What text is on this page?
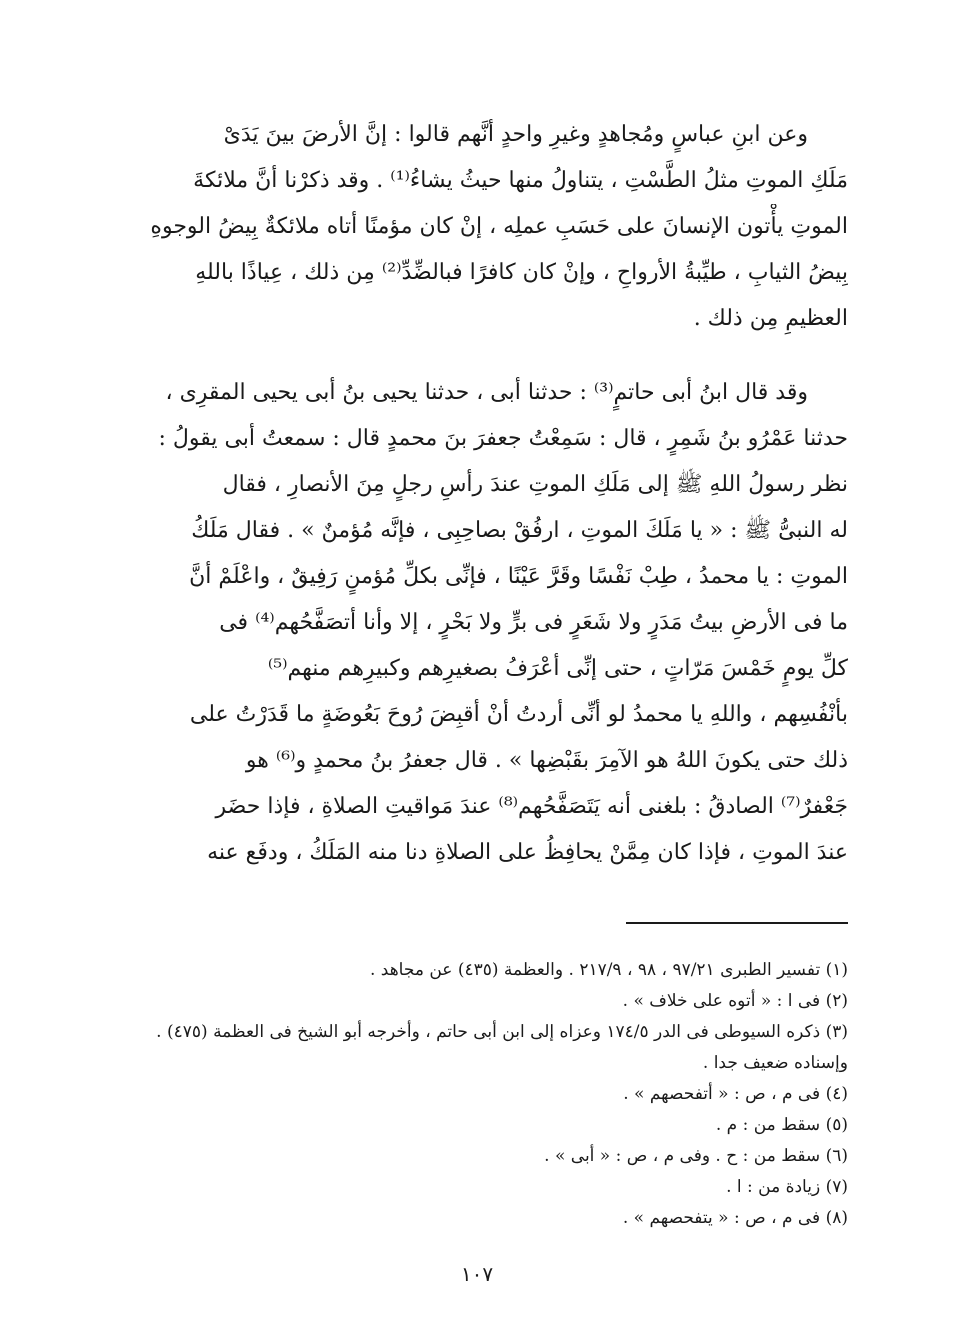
وعن ابنِ عباسٍ ومُجاهدٍ وغيرِ واحدٍ أنَّهم قالوا : إنَّ الأرضَ بينَ يَدَىْ
مَلَكِ الموتِ مثلُ الطَّسْتِ ، يتناولُ منها حيثُ يشاءُ⁽¹⁾ . وقد ذكرْنا أنَّ ملائكةَ
الموتِ يأْتون الإنسانَ على حَسَبِ عملِه ، إنْ كان مؤمنًا أتاه ملائكةٌ بِيضُ الوجوهِ
بِيضُ الثيابِ ، طيِّبةُ الأرواحِ ، وإنْ كان كافرًا فبالضِّدِّ⁽²⁾ مِن ذلك ، عِياذًا باللهِ
العظيمِ مِن ذلك .
وقد قال ابنُ أبى حاتمٍ⁽³⁾ : حدثنا أبى ، حدثنا يحيى بنُ أبى يحيى المقرِى ،
حدثنا عَمْرُو بنُ شَمِرٍ ، قال : سَمِعْتُ جعفرَ بنَ محمدٍ قال : سمعتُ أبى يقولُ :
نظر رسولُ اللهِ ﷺ إلى مَلَكِ الموتِ عندَ رأسِ رجلٍ مِنَ الأنصارِ ، فقال
له النبىُّ ﷺ : « يا مَلَكَ الموتِ ، ارفُقْ بصاحِبِى ، فإنَّه مُؤمنٌ » . فقال مَلَكُ
الموتِ : يا محمدُ ، طِبْ نَفْسًا وقَرَّ عَيْنًا ، فإنِّى بكلِّ مُؤمنٍ رَفِيقٌ ، واعْلَمْ أنَّ
ما فى الأرضِ بيتُ مَدَرٍ ولا شَعَرٍ فى برٍّ ولا بَحْرٍ ، إلا وأنا أتصَفَّحُهم⁽⁴⁾ فى
كلِّ يومٍ خَمْسَ مَرّاتٍ ، حتى إنِّى أعْرَفُ بصغيرِهم وكبيرِهم منهم⁽⁵⁾
بأنْفُسِهم ، واللهِ يا محمدُ لو أنِّى أردتُ أنْ أقبِضَ رُوحَ بَعُوضَةٍ ما قَدَرْتُ على
ذلك حتى يكونَ اللهُ هو الآمِرَ بقَبْضِها » . قال جعفرُ بنُ محمدٍ و⁽⁶⁾ هو
جَعْفرٌ⁽⁷⁾ الصادقُ : بلغنى أنه يَتَصَفَّحُهم⁽⁸⁾ عندَ مَواقيتِ الصلاةِ ، فإذا حضَر
عندَ الموتِ ، فإذا كان مِمَّنْ يحافِظُ على الصلاةِ دنا منه المَلَكُ ، ودفَع عنه
(١) تفسير الطبرى ٩٧/٢١ ، ٩٨ ، ٢١٧/٩ . والعظمة (٤٣٥) عن مجاهد .
(٢) فى ا : « أتوه على خلاف » .
(٣) ذكره السيوطى فى الدر ١٧٤/٥ وعزاه إلى ابن أبى حاتم ، وأخرجه أبو الشيخ فى العظمة (٤٧٥) .
وإسناده ضعيف جدا .
(٤) فى م ، ص : « أتفحصهم » .
(٥) سقط من : م .
(٦) سقط من : ح . وفى م ، ص : « أبى » .
(٧) زيادة من : ا .
(٨) فى م ، ص : « يتفحصهم » .
١٠٧
